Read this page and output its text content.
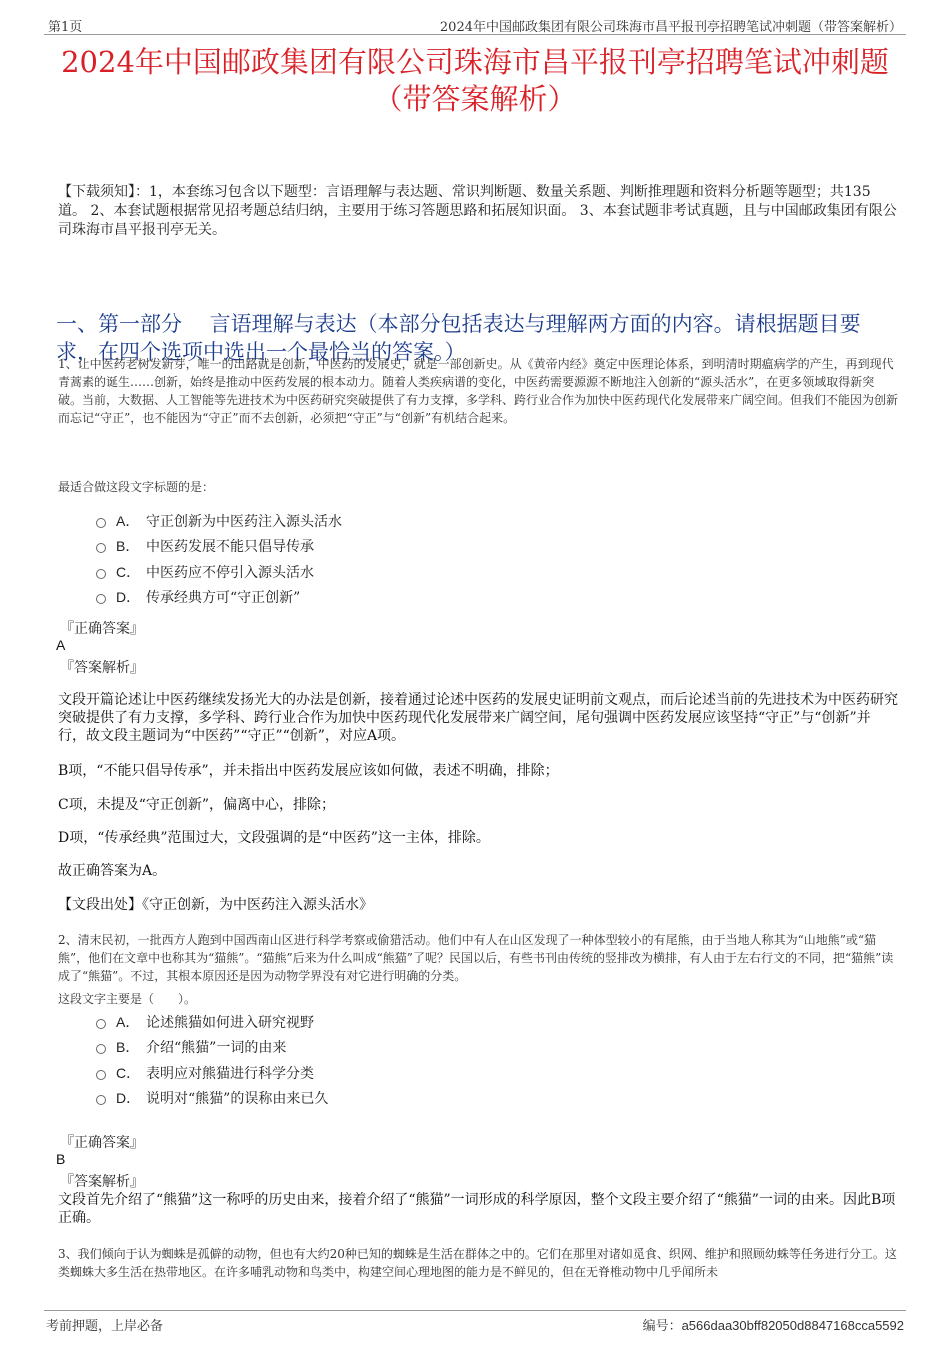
第1页	2024年中国邮政集团有限公司珠海市昌平报刊亭招聘笔试冲刺题（带答案解析）
2024年中国邮政集团有限公司珠海市昌平报刊亭招聘笔试冲刺题（带答案解析）
【下载须知】：1，本套练习包含以下题型：言语理解与表达题、常识判断题、数量关系题、判断推理题和资料分析题等题型；共135道。 2、本套试题根据常见招考题总结归纳，主要用于练习答题思路和拓展知识面。 3、本套试题非考试真题，且与中国邮政集团有限公司珠海市昌平报刊亭无关。
一、第一部分　 言语理解与表达（本部分包括表达与理解两方面的内容。请根据题目要求，在四个选项中选出一个最恰当的答案。）
1、让中医药老树发新芽，唯一的出路就是创新，中医药的发展史，就是一部创新史。从《黄帝内经》奠定中医理论体系，到明清时期瘟病学的产生，再到现代青蒿素的诞生……创新，始终是推动中医药发展的根本动力。随着人类疾病谱的变化，中医药需要源源不断地注入创新的“源头活水”，在更多领域取得新突破。当前，大数据、人工智能等先进技术为中医药研究突破提供了有力支撑，多学科、跨行业合作为加快中医药现代化发展带来广阔空间。但我们不能因为创新而忘记“守正”，也不能因为“守正”而不去创新，必须把“守正”与“创新”有机结合起来。
最适合做这段文字标题的是：
A． 守正创新为中医药注入源头活水
B． 中医药发展不能只倡导传承
C． 中医药应不停引入源头活水
D． 传承经典方可“守正创新”
『正确答案』
A
『答案解析』
文段开篇论述让中医药继续发扬光大的办法是创新，接着通过论述中医药的发展史证明前文观点，而后论述当前的先进技术为中医药研究突破提供了有力支撑，多学科、跨行业合作为加快中医药现代化发展带来广阔空间，尾句强调中医药发展应该坚持“守正”与“创新”并行，故文段主题词为“中医药”“守正”“创新”，对应A项。
B项，“不能只倡导传承”，并未指出中医药发展应该如何做，表述不明确，排除；
C项，未提及“守正创新”，偏离中心，排除；
D项，“传承经典”范围过大，文段强调的是“中医药”这一主体，排除。
故正确答案为A。
【文段出处】《守正创新，为中医药注入源头活水》
2、清末民初，一批西方人跑到中国西南山区进行科学考察或偷猎活动。他们中有人在山区发现了一种体型较小的有尾熊，由于当地人称其为“山地熊”或“猫熊”，他们在文章中也称其为“猫熊”。“猫熊”后来为什么叫成“熊猫”了呢？民国以后，有些书刊由传统的竖排改为横排，有人由于左右行文的不同，把“猫熊”读成了“熊猫”。不过，其根本原因还是因为动物学界没有对它进行明确的分类。
这段文字主要是（　　）。
A． 论述熊猫如何进入研究视野
B． 介绍“熊猫”一词的由来
C． 表明应对熊猫进行科学分类
D． 说明对“熊猫”的误称由来已久
『正确答案』
B
『答案解析』
文段首先介绍了“熊猫”这一称呼的历史由来，接着介绍了“熊猫”一词形成的科学原因，整个文段主要介绍了“熊猫”一词的由来。因此B项正确。
3、我们倾向于认为蜘蛛是孤僻的动物，但也有大约20种已知的蜘蛛是生活在群体之中的。它们在那里对诸如觅食、织网、维护和照顾幼蛛等任务进行分工。这类蜘蛛大多生活在热带地区。在许多哺乳动物和鸟类中，构建空间心理地图的能力是不鲜见的，但在无脊椎动物中几乎闻所未
考前押题，上岸必备	编号：a566daa30bff82050d8847168cca5592
